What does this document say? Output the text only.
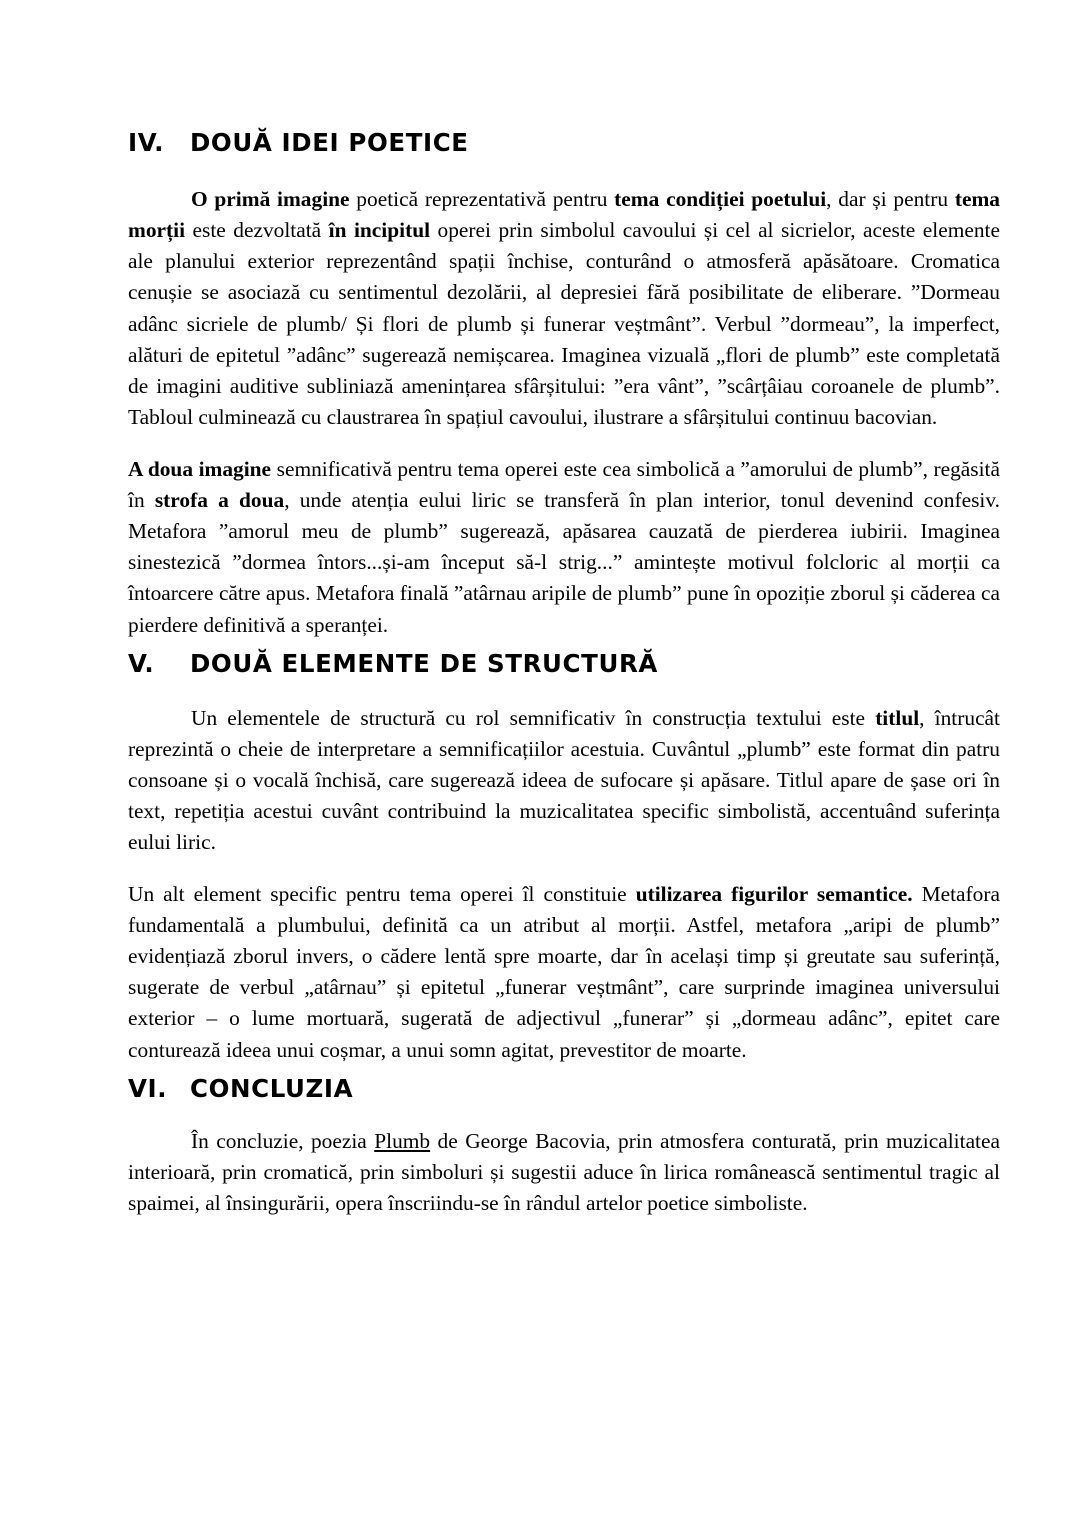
IV.	DOUĂ IDEI POETICE

O primă imagine poetică reprezentativă pentru tema condiției poetului, dar și pentru tema morții este dezvoltată în incipitul operei prin simbolul cavoului și cel al sicrielor, aceste elemente ale planului exterior reprezentând spații închise, conturând o atmosferă apăsătoare. Cromatica cenușie se asociază cu sentimentul dezolării, al depresiei fără posibilitate de eliberare. ”Dormeau adânc sicriele de plumb/ Și flori de plumb și funerar veștmânt”. Verbul ”dormeau”, la imperfect, alături de epitetul ”adânc” sugerează nemișcarea. Imaginea vizuală „flori de plumb” este completată de imagini auditive subliniază amenințarea sfârșitului: ”era vânt”, ”scârțâiau coroanele de plumb”. Tabloul culminează cu claustrarea în spațiul cavoului, ilustrare a sfârșitului continuu bacovian.

A doua imagine semnificativă pentru tema operei este cea simbolică a ”amorului de plumb”, regăsită în strofa a doua, unde atenția eului liric se transferă în plan interior, tonul devenind confesiv. Metafora ”amorul meu de plumb” sugerează, apăsarea cauzată de pierderea iubirii. Imaginea sinestezică ”dormea întors...și-am început să-l strig...” amintește motivul folcloric al morții ca întoarcere către apus. Metafora finală ”atârnau aripile de plumb” pune în opoziție zborul și căderea ca pierdere definitivă a speranței.

V.	DOUĂ ELEMENTE DE STRUCTURĂ

Un elementele de structură cu rol semnificativ în construcția textului este titlul, întrucât reprezintă o cheie de interpretare a semnificațiilor acestuia. Cuvântul „plumb” este format din patru consoane și o vocală închisă, care sugerează ideea de sufocare și apăsare. Titlul apare de șase ori în text, repetiția acestui cuvânt contribuind la muzicalitatea specific simbolistă, accentuând suferința eului liric.

Un alt element specific pentru tema operei îl constituie utilizarea figurilor semantice. Metafora fundamentală a plumbului, definită ca un atribut al morții. Astfel, metafora „aripi de plumb” evidențiază zborul invers, o cădere lentă spre moarte, dar în același timp și greutate sau suferință, sugerate de verbul „atârnau” și epitetul „funerar veștmânt”, care surprinde imaginea universului exterior – o lume mortuară, sugerată de adjectivul „funerar” și „dormeau adânc”, epitet care conturează ideea unui coșmar, a unui somn agitat, prevestitor de moarte.

VI. CONCLUZIA

În concluzie, poezia Plumb de George Bacovia, prin atmosfera conturată, prin muzicalitatea interioară, prin cromatică, prin simboluri și sugestii aduce în lirica românească sentimentul tragic al spaimei, al însingurării, opera înscriindu-se în rândul artelor poetice simboliste.
